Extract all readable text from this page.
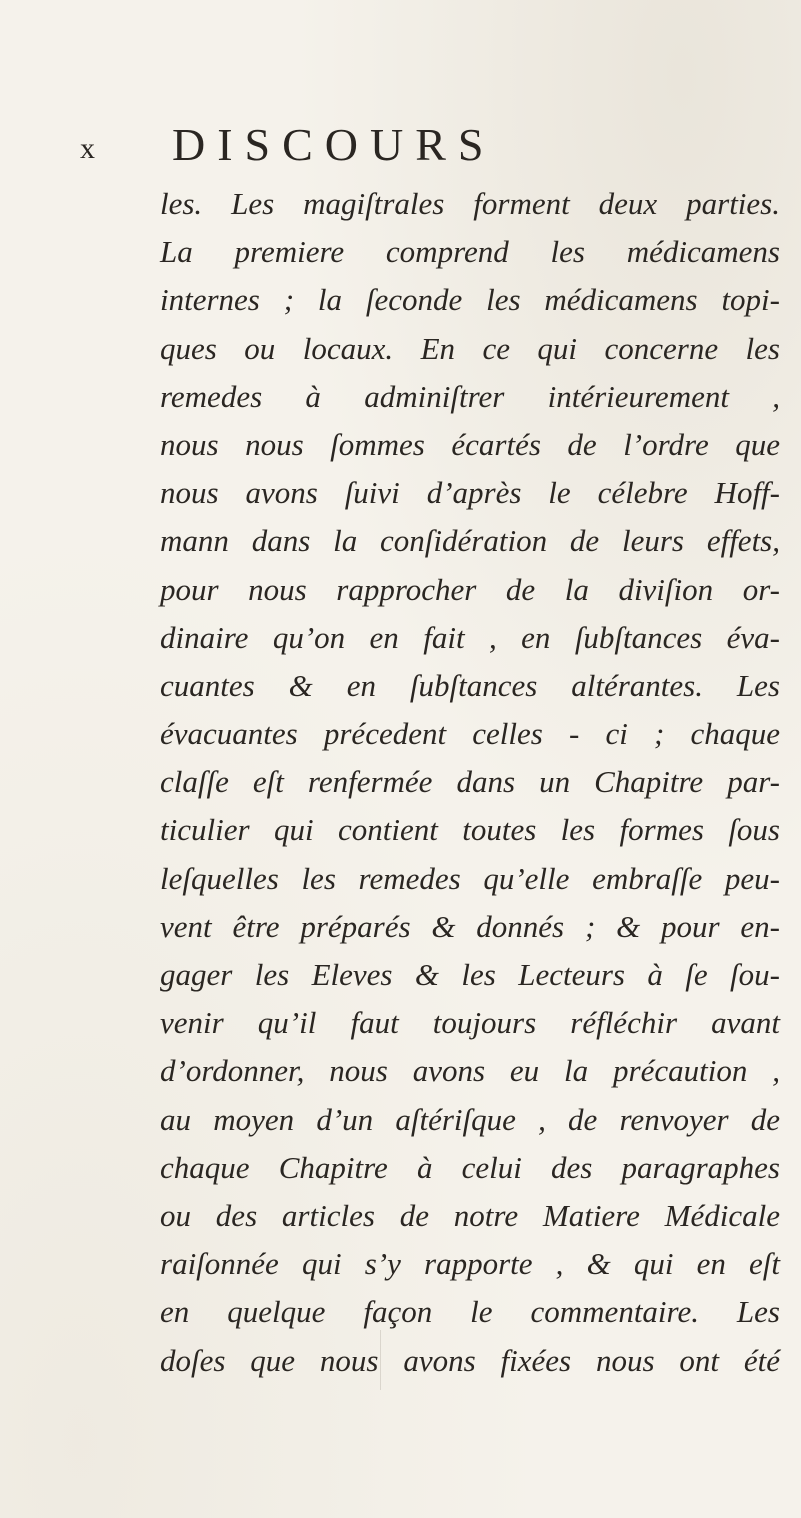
x DISCOURS
les. Les magiſtrales forment deux parties.
La premiere comprend les médicamens
internes ; la ſeconde les médicamens topi-
ques ou locaux. En ce qui concerne les
remedes à adminiſtrer intérieurement ,
nous nous ſommes écartés de l’ordre que
nous avons ſuivi d’après le célebre Hoff-
mann dans la conſidération de leurs effets,
pour nous rapprocher de la diviſion or-
dinaire qu’on en fait , en ſubſtances éva-
cuantes & en ſubſtances altérantes. Les
évacuantes précedent celles - ci ; chaque
claſſe eſt renfermée dans un Chapitre par-
ticulier qui contient toutes les formes ſous
leſquelles les remedes qu’elle embraſſe peu-
vent être préparés & donnés ; & pour en-
gager les Eleves & les Lecteurs à ſe ſou-
venir qu’il faut toujours réfléchir avant
d’ordonner, nous avons eu la précaution ,
au moyen d’un aſtériſque , de renvoyer de
chaque Chapitre à celui des paragraphes
ou des articles de notre Matiere Médicale
raiſonnée qui s’y rapporte , & qui en eſt
en quelque façon le commentaire. Les
doſes que nous avons fixées nous ont été
